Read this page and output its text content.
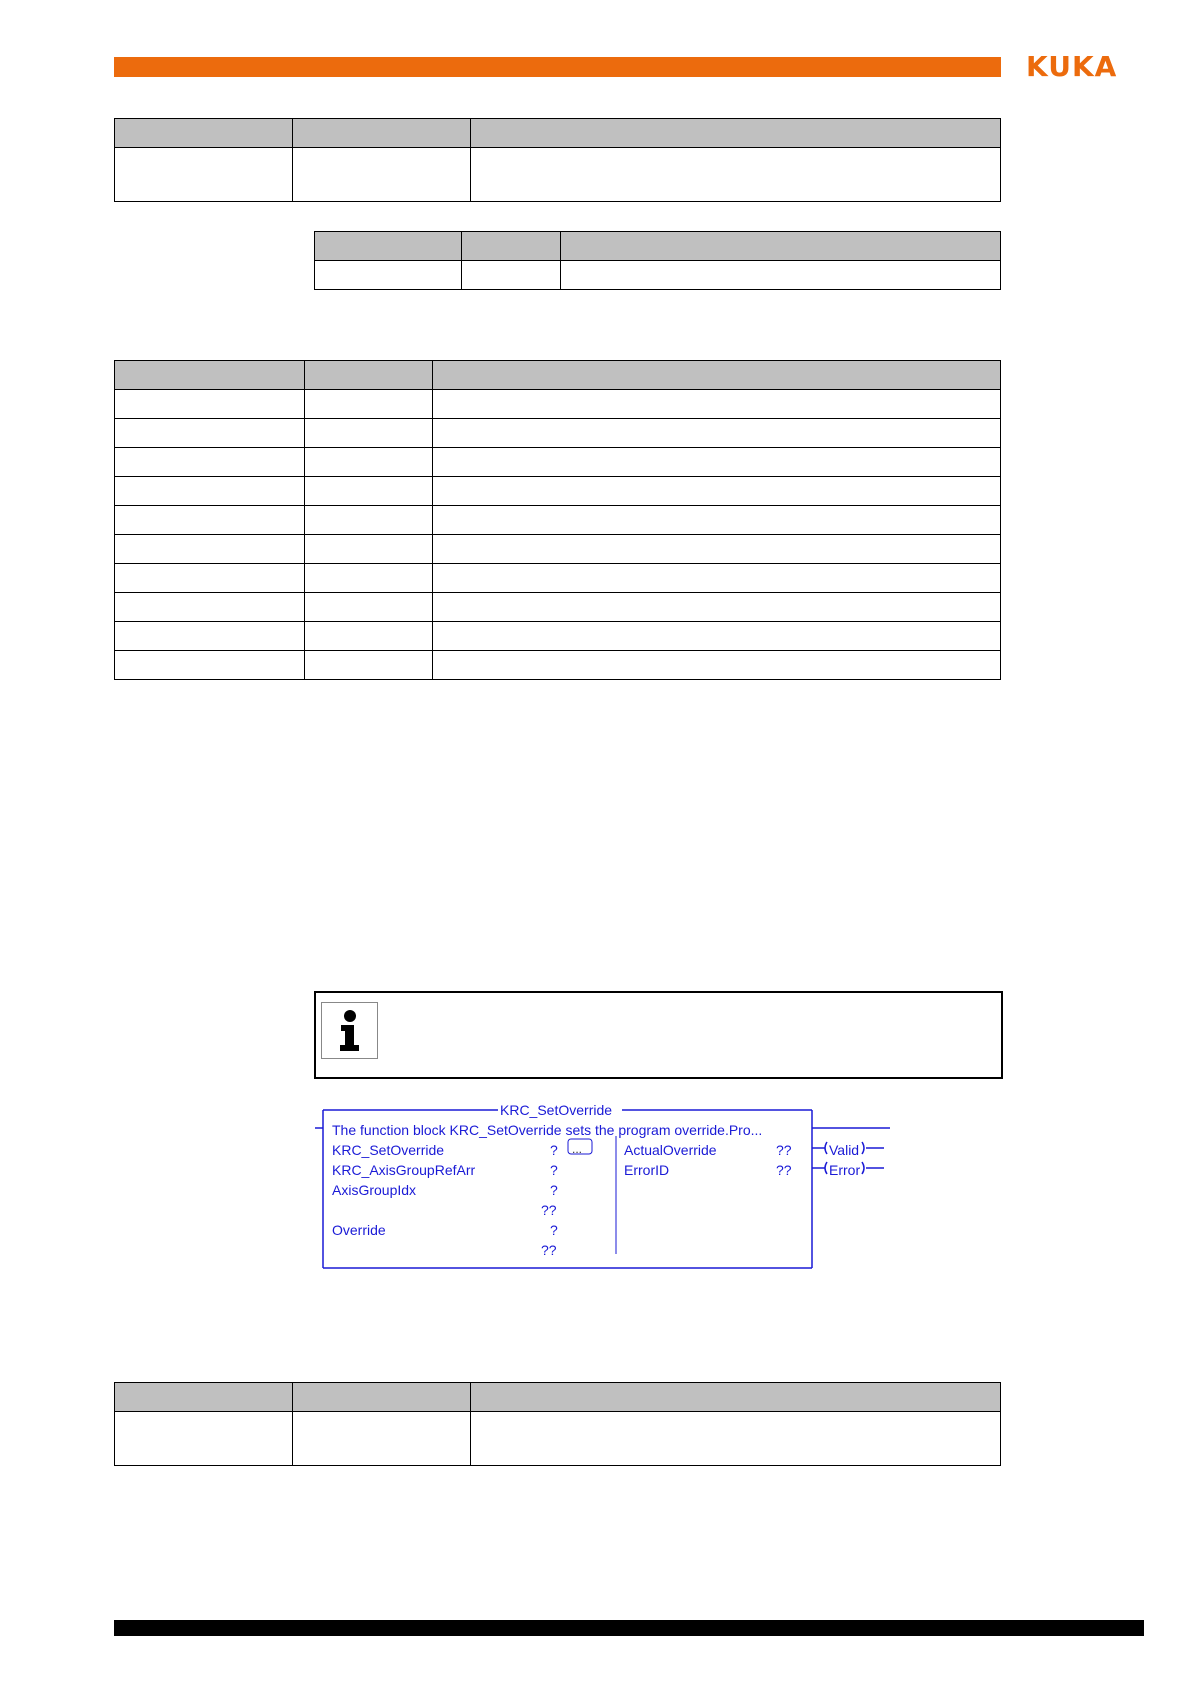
KUKA

KRC_SetOverride
The function block KRC_SetOverride sets the program override.Pro...
KRC_SetOverride	? ...
KRC_AxisGroupRefArr	?
AxisGroupIdx	?
??
Override	?
??
ActualOverride	??
ErrorID	??
Valid
Error
